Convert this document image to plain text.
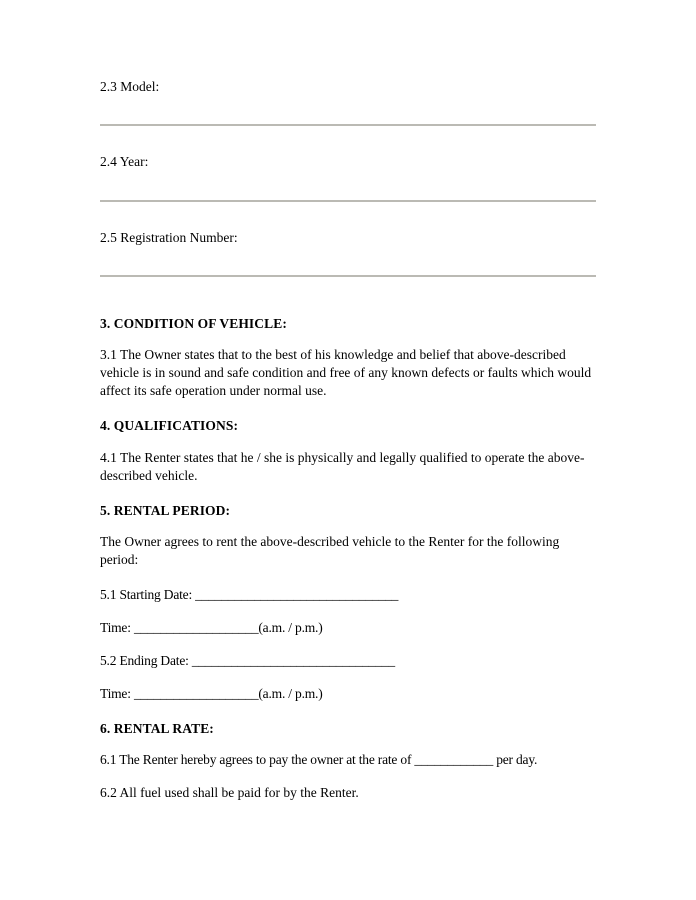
2.3 Model:

2.4 Year:

2.5 Registration Number:

3. CONDITION OF VEHICLE:

3.1 The Owner states that to the best of his knowledge and belief that above-described vehicle is in sound and safe condition and free of any known defects or faults which would affect its safe operation under normal use.

4. QUALIFICATIONS:

4.1 The Renter states that he / she is physically and legally qualified to operate the above-described vehicle.

5. RENTAL PERIOD:

The Owner agrees to rent the above-described vehicle to the Renter for the following period:

5.1 Starting Date: _______________________________

Time: ___________________(a.m. / p.m.)

5.2 Ending Date: _______________________________

Time: ___________________(a.m. / p.m.)

6. RENTAL RATE:

6.1 The Renter hereby agrees to pay the owner at the rate of ____________ per day.

6.2 All fuel used shall be paid for by the Renter.
